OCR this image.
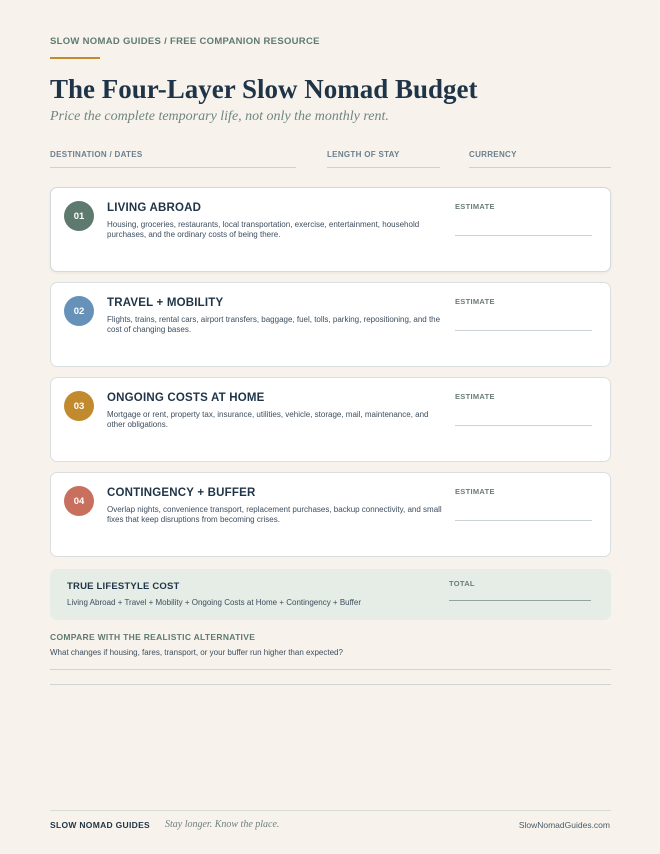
SLOW NOMAD GUIDES / FREE COMPANION RESOURCE
The Four-Layer Slow Nomad Budget
Price the complete temporary life, not only the monthly rent.
DESTINATION / DATES	LENGTH OF STAY	CURRENCY
01
LIVING ABROAD
Housing, groceries, restaurants, local transportation, exercise, entertainment, household purchases, and the ordinary costs of being there.
ESTIMATE
02
TRAVEL + MOBILITY
Flights, trains, rental cars, airport transfers, baggage, fuel, tolls, parking, repositioning, and the cost of changing bases.
ESTIMATE
03
ONGOING COSTS AT HOME
Mortgage or rent, property tax, insurance, utilities, vehicle, storage, mail, maintenance, and other obligations.
ESTIMATE
04
CONTINGENCY + BUFFER
Overlap nights, convenience transport, replacement purchases, backup connectivity, and small fixes that keep disruptions from becoming crises.
ESTIMATE
TRUE LIFESTYLE COST
Living Abroad + Travel + Mobility + Ongoing Costs at Home + Contingency + Buffer
TOTAL
COMPARE WITH THE REALISTIC ALTERNATIVE
What changes if housing, fares, transport, or your buffer run higher than expected?
SLOW NOMAD GUIDES Stay longer. Know the place.	SlowNomadGuides.com
